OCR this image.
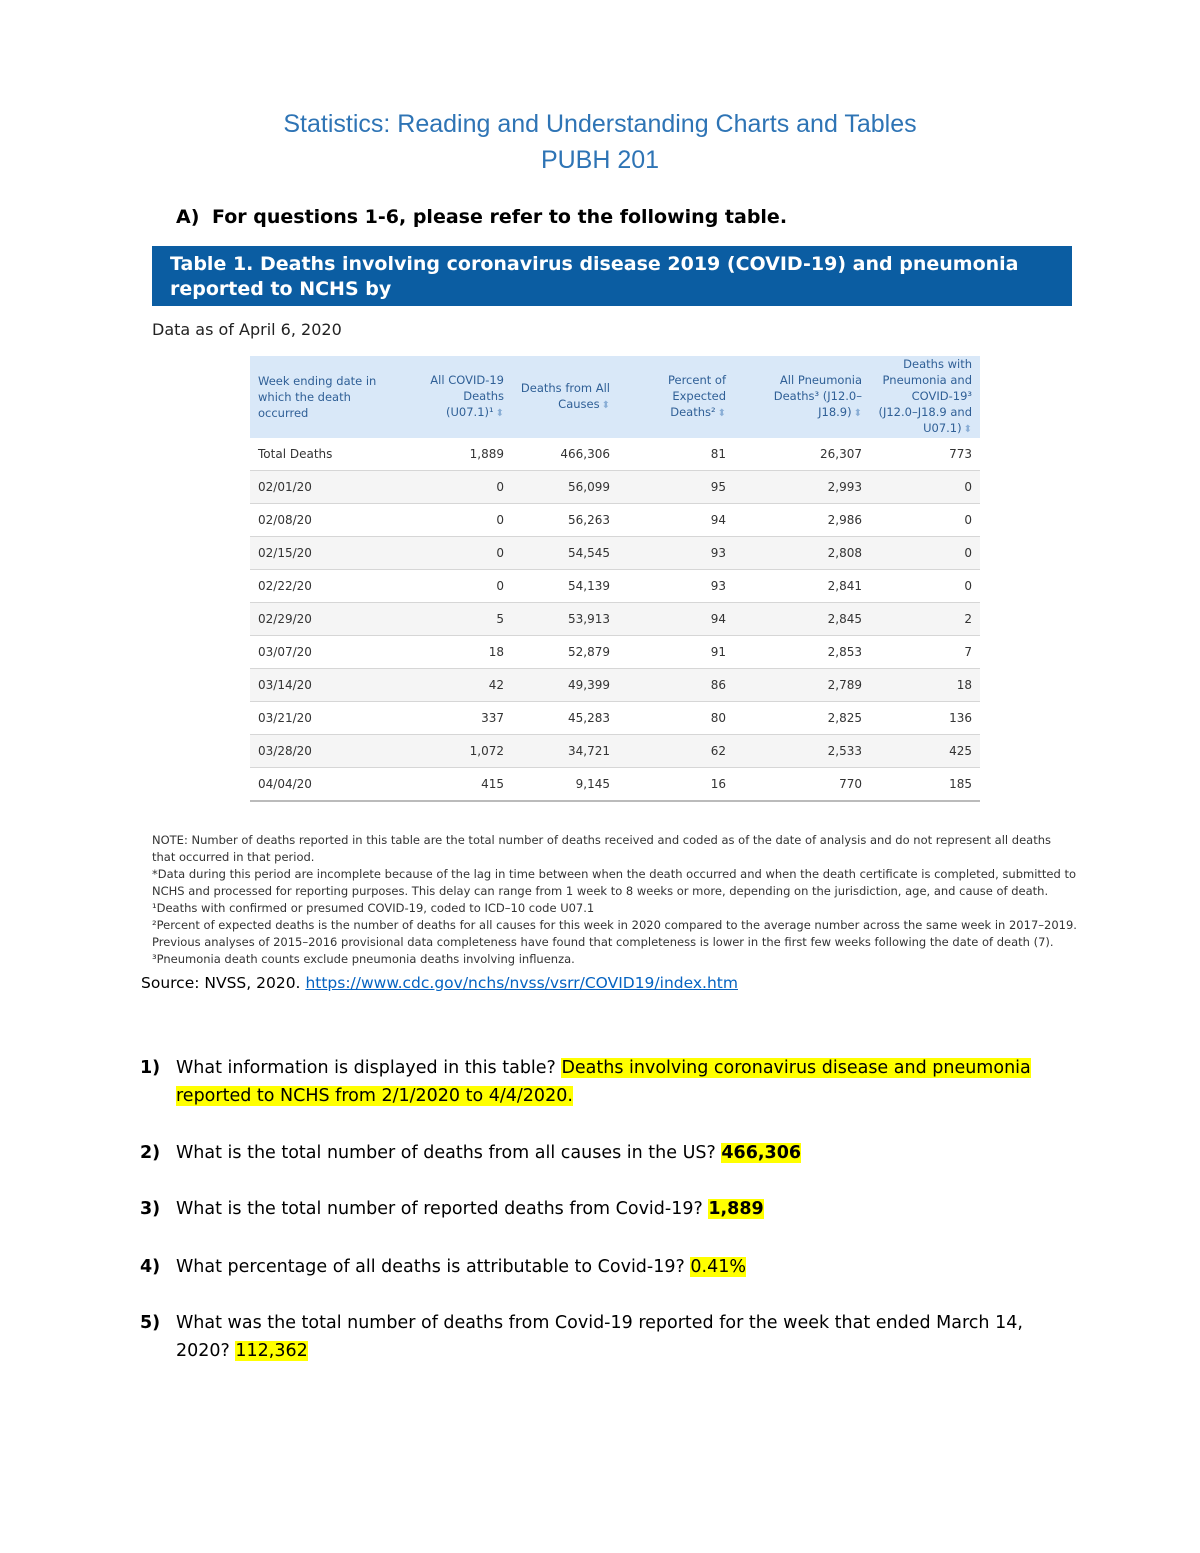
Statistics: Reading and Understanding Charts and Tables
PUBH 201
A) For questions 1-6, please refer to the following table.
Table 1. Deaths involving coronavirus disease 2019 (COVID-19) and pneumonia reported to NCHS by
week ending date, United States. Week ending 2/1/2020 to 4/4/2020.*
Data as of April 6, 2020
Week ending date in which the death occurred	All COVID-19 Deaths (U07.1)¹ ⬍	Deaths from All Causes ⬍	Percent of Expected Deaths² ⬍	All Pneumonia Deaths³ (J12.0–J18.9) ⬍	Deaths with Pneumonia and COVID-19³ (J12.0–J18.9 and U07.1) ⬍
Total Deaths	1,889	466,306	81	26,307	773
02/01/20	0	56,099	95	2,993	0
02/08/20	0	56,263	94	2,986	0
02/15/20	0	54,545	93	2,808	0
02/22/20	0	54,139	93	2,841	0
02/29/20	5	53,913	94	2,845	2
03/07/20	18	52,879	91	2,853	7
03/14/20	42	49,399	86	2,789	18
03/21/20	337	45,283	80	2,825	136
03/28/20	1,072	34,721	62	2,533	425
04/04/20	415	9,145	16	770	185

NOTE: Number of deaths reported in this table are the total number of deaths received and coded as of the date of analysis and do not represent all deaths that occurred in that period.

*Data during this period are incomplete because of the lag in time between when the death occurred and when the death certificate is completed, submitted to NCHS and processed for reporting purposes. This delay can range from 1 week to 8 weeks or more, depending on the jurisdiction, age, and cause of death.

¹Deaths with confirmed or presumed COVID-19, coded to ICD–10 code U07.1

²Percent of expected deaths is the number of deaths for all causes for this week in 2020 compared to the average number across the same week in 2017–2019. Previous analyses of 2015–2016 provisional data completeness have found that completeness is lower in the first few weeks following the date of death (7).

³Pneumonia death counts exclude pneumonia deaths involving influenza.

Source: NVSS, 2020. https://www.cdc.gov/nchs/nvss/vsrr/COVID19/index.htm
1) What information is displayed in this table? Deaths involving coronavirus disease and pneumonia reported to NCHS from 2/1/2020 to 4/4/2020.
2) What is the total number of deaths from all causes in the US? 466,306
3) What is the total number of reported deaths from Covid-19? 1,889
4) What percentage of all deaths is attributable to Covid-19? 0.41%
5) What was the total number of deaths from Covid-19 reported for the week that ended March 14, 2020? 112,362
